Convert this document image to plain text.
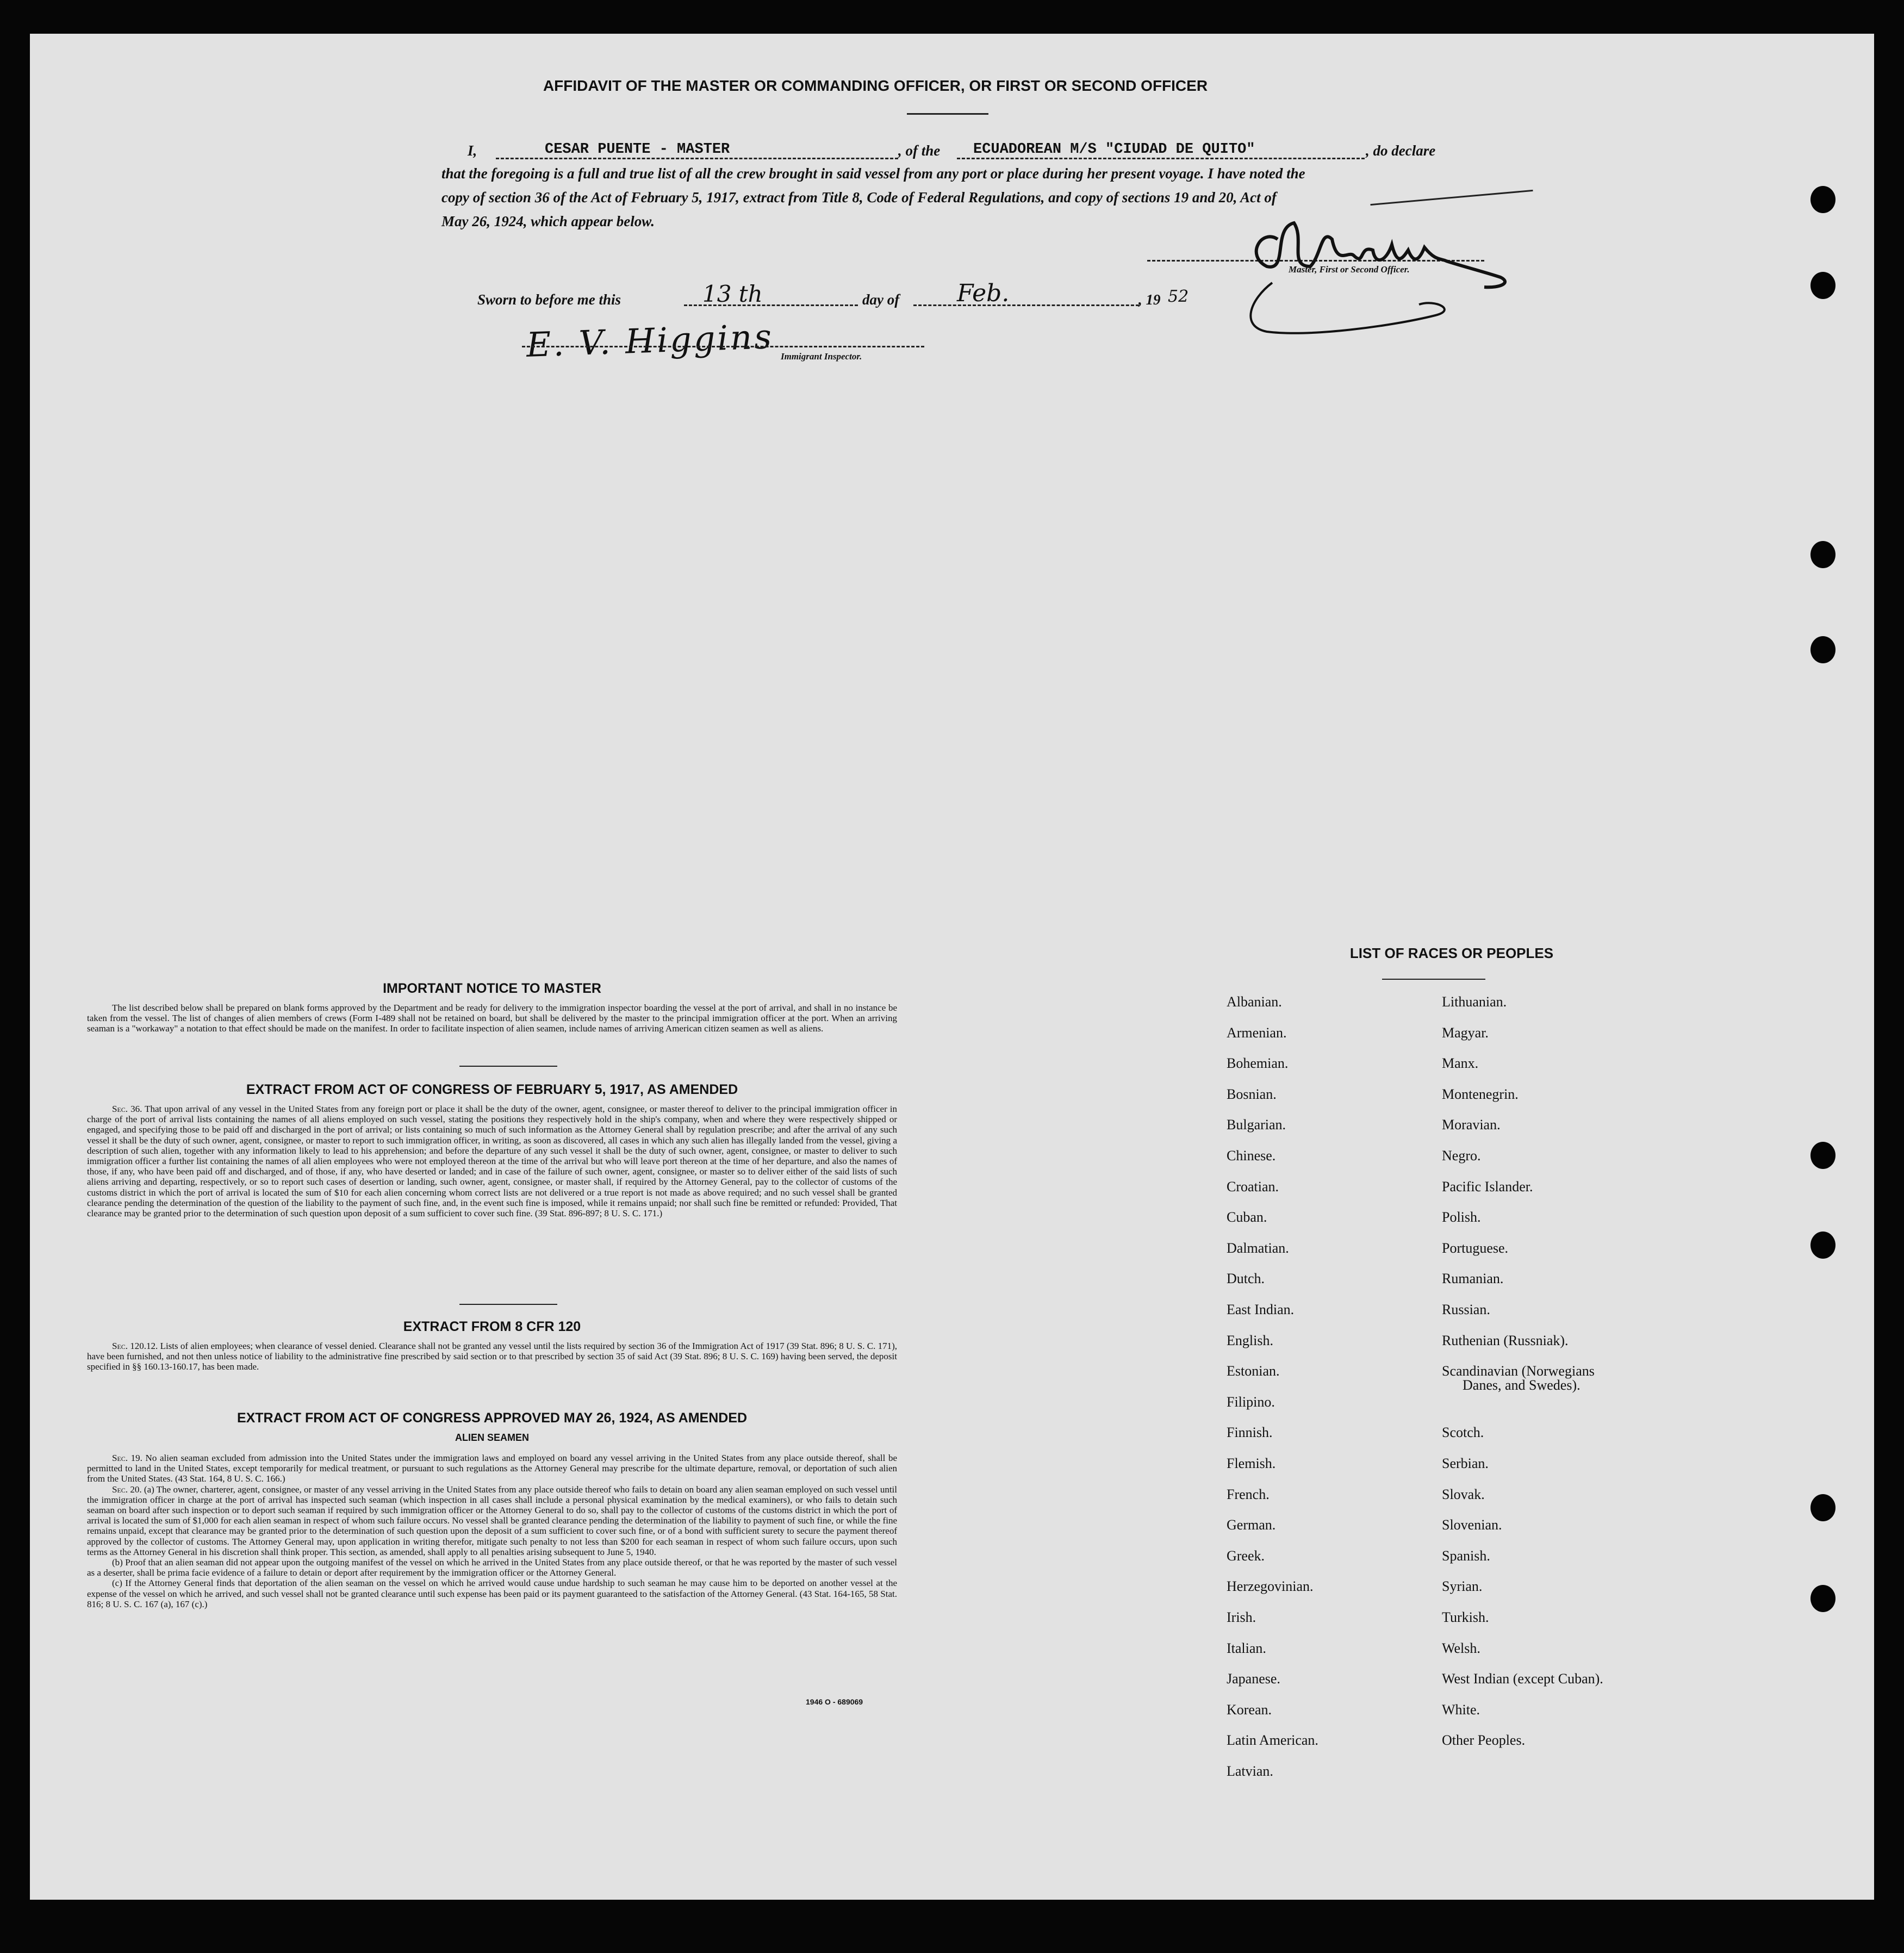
AFFIDAVIT OF THE MASTER OR COMMANDING OFFICER, OR FIRST OR SECOND OFFICER
I,	CESAR PUENTE - MASTER	, of the	ECUADOREAN M/S "CIUDAD DE QUITO"	, do declare
that the foregoing is a full and true list of all the crew brought in said vessel from any port or place during her present voyage. I have noted the
copy of section 36 of the Act of February 5, 1917, extract from Title 8, Code of Federal Regulations, and copy of sections 19 and 20, Act of
May 26, 1924, which appear below.
Master, First or Second Officer.
Sworn to before me this	13 th	day of Feb.	, 19 52
E. V. Higgins Immigrant Inspector.
IMPORTANT NOTICE TO MASTER
The list described below shall be prepared on blank forms approved by the Department and be ready for delivery to the immigration inspector boarding the vessel at the port of arrival, and shall in no instance be taken from the vessel. The list of changes of alien members of crews (Form I-489 shall not be retained on board, but shall be delivered by the master to the principal immigration officer at the port. When an arriving seaman is a "workaway" a notation to that effect should be made on the manifest. In order to facilitate inspection of alien seamen, include names of arriving American citizen seamen as well as aliens.
EXTRACT FROM ACT OF CONGRESS OF FEBRUARY 5, 1917, AS AMENDED
Sec. 36. That upon arrival of any vessel in the United States from any foreign port or place it shall be the duty of the owner, agent, consignee, or master thereof to deliver to the principal immigration officer in charge of the port of arrival lists containing the names of all aliens employed on such vessel, stating the positions they respectively hold in the ship's company, when and where they were respectively shipped or engaged, and specifying those to be paid off and discharged in the port of arrival; or lists containing so much of such information as the Attorney General shall by regulation prescribe; and after the arrival of any such vessel it shall be the duty of such owner, agent, consignee, or master to report to such immigration officer, in writing, as soon as discovered, all cases in which any such alien has illegally landed from the vessel, giving a description of such alien, together with any information likely to lead to his apprehension; and before the departure of any such vessel it shall be the duty of such owner, agent, consignee, or master to deliver to such immigration officer a further list containing the names of all alien employees who were not employed thereon at the time of the arrival but who will leave port thereon at the time of her departure, and also the names of those, if any, who have been paid off and discharged, and of those, if any, who have deserted or landed; and in case of the failure of such owner, agent, consignee, or master so to deliver either of the said lists of such aliens arriving and departing, respectively, or so to report such cases of desertion or landing, such owner, agent, consignee, or master shall, if required by the Attorney General, pay to the collector of customs of the customs district in which the port of arrival is located the sum of $10 for each alien concerning whom correct lists are not delivered or a true report is not made as above required; and no such vessel shall be granted clearance pending the determination of the question of the liability to the payment of such fine, and, in the event such fine is imposed, while it remains unpaid; nor shall such fine be remitted or refunded: Provided, That clearance may be granted prior to the determination of such question upon deposit of a sum sufficient to cover such fine. (39 Stat. 896-897; 8 U. S. C. 171.)
EXTRACT FROM 8 CFR 120
Sec. 120.12. Lists of alien employees; when clearance of vessel denied. Clearance shall not be granted any vessel until the lists required by section 36 of the Immigration Act of 1917 (39 Stat. 896; 8 U. S. C. 171), have been furnished, and not then unless notice of liability to the administrative fine prescribed by said section or to that prescribed by section 35 of said Act (39 Stat. 896; 8 U. S. C. 169) having been served, the deposit specified in §§ 160.13-160.17, has been made.
EXTRACT FROM ACT OF CONGRESS APPROVED MAY 26, 1924, AS AMENDED
ALIEN SEAMEN
Sec. 19. No alien seaman excluded from admission into the United States under the immigration laws and employed on board any vessel arriving in the United States from any place outside thereof, shall be permitted to land in the United States, except temporarily for medical treatment, or pursuant to such regulations as the Attorney General may prescribe for the ultimate departure, removal, or deportation of such alien from the United States. (43 Stat. 164, 8 U. S. C. 166.)
Sec. 20. (a) The owner, charterer, agent, consignee, or master of any vessel arriving in the United States from any place outside thereof who fails to detain on board any alien seaman employed on such vessel until the immigration officer in charge at the port of arrival has inspected such seaman (which inspection in all cases shall include a personal physical examination by the medical examiners), or who fails to detain such seaman on board after such inspection or to deport such seaman if required by such immigration officer or the Attorney General to do so, shall pay to the collector of customs of the customs district in which the port of arrival is located the sum of $1,000 for each alien seaman in respect of whom such failure occurs. No vessel shall be granted clearance pending the determination of the liability to payment of such fine, or while the fine remains unpaid, except that clearance may be granted prior to the determination of such question upon the deposit of a sum sufficient to cover such fine, or of a bond with sufficient surety to secure the payment thereof approved by the collector of customs. The Attorney General may, upon application in writing therefor, mitigate such penalty to not less than $200 for each seaman in respect of whom such failure occurs, upon such terms as the Attorney General in his discretion shall think proper. This section, as amended, shall apply to all penalties arising subsequent to June 5, 1940.
(b) Proof that an alien seaman did not appear upon the outgoing manifest of the vessel on which he arrived in the United States from any place outside thereof, or that he was reported by the master of such vessel as a deserter, shall be prima facie evidence of a failure to detain or deport after requirement by the immigration officer or the Attorney General.
(c) If the Attorney General finds that deportation of the alien seaman on the vessel on which he arrived would cause undue hardship to such seaman he may cause him to be deported on another vessel at the expense of the vessel on which he arrived, and such vessel shall not be granted clearance until such expense has been paid or its payment guaranteed to the satisfaction of the Attorney General. (43 Stat. 164-165, 58 Stat. 816; 8 U. S. C. 167 (a), 167 (c).)
1946 O - 689069
LIST OF RACES OR PEOPLES
Albanian.
Armenian.
Bohemian.
Bosnian.
Bulgarian.
Chinese.
Croatian.
Cuban.
Dalmatian.
Dutch.
East Indian.
English.
Estonian.
Filipino.
Finnish.
Flemish.
French.
German.
Greek.
Herzegovinian.
Irish.
Italian.
Japanese.
Korean.
Latin American.
Latvian.
Lithuanian.
Magyar.
Manx.
Montenegrin.
Moravian.
Negro.
Pacific Islander.
Polish.
Portuguese.
Rumanian.
Russian.
Ruthenian (Russniak).
Scandinavian (Norwegians
Danes, and Swedes).
Scotch.
Serbian.
Slovak.
Slovenian.
Spanish.
Syrian.
Turkish.
Welsh.
West Indian (except Cuban).
White.
Other Peoples.
